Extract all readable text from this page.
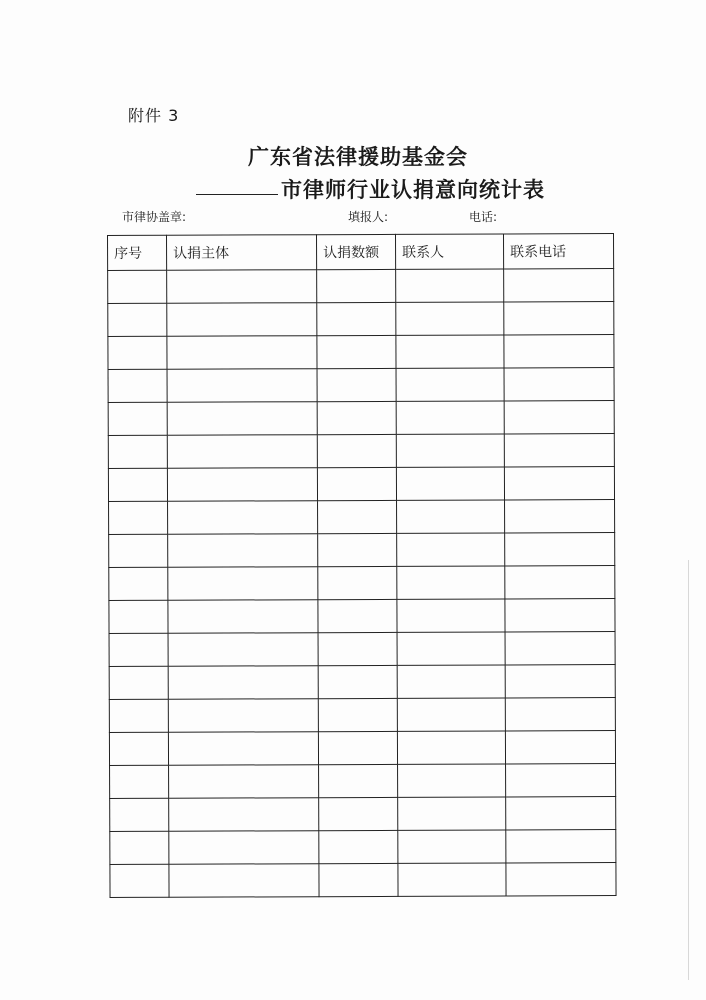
附件 3
广东省法律援助基金会
市律师行业认捐意向统计表
市律协盖章:	填报人:	电话:
序号	认捐主体	认捐数额	联系人	联系电话
